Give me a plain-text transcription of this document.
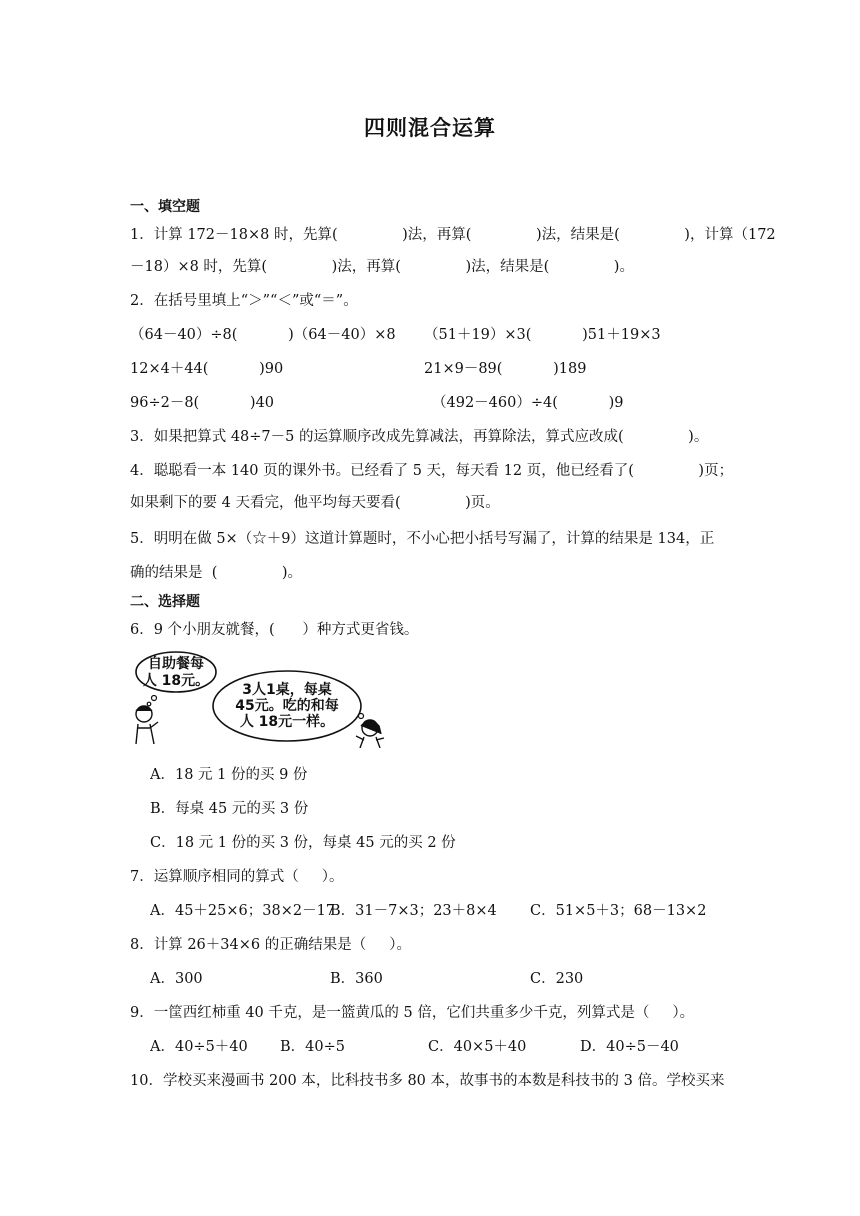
四则混合运算
一、填空题
1．计算 172－18×8 时，先算(              )法，再算(              )法，结果是(              )，计算（172
－18）×8 时，先算(              )法，再算(              )法，结果是(              )。
2．在括号里填上“＞”“＜”或“＝”。
（64－40）÷8(           )（64－40）×8 （51＋19）×3(           )51＋19×3
12×4＋44(           )90	21×9－89(           )189
96÷2－8(           )40	（492－460）÷4(           )9
3．如果把算式 48÷7－5 的运算顺序改成先算减法，再算除法，算式应改成(              )。
4．聪聪看一本 140 页的课外书。已经看了 5 天，每天看 12 页，他已经看了(              )页；
如果剩下的要 4 天看完，他平均每天要看(              )页。
5．明明在做 5×（☆＋9）这道计算题时，不小心把小括号写漏了，计算的结果是 134，正
确的结果是  (              )。
二、选择题
6．9 个小朋友就餐，(      ）种方式更省钱。
自助餐每
人 18元。
3人1桌，每桌
45元。吃的和每
人 18元一样。
A．18 元 1 份的买 9 份
B．每桌 45 元的买 3 份
C．18 元 1 份的买 3 份，每桌 45 元的买 2 份
7．运算顺序相同的算式（     ）。
A．45＋25×6；38×2－17
B．31－7×3；23＋8×4 C．51×5＋3；68－13×2
8．计算 26＋34×6 的正确结果是（     ）。
A．300	B．360	C．230
9．一筐西红柿重 40 千克，是一篮黄瓜的 5 倍，它们共重多少千克，列算式是（     ）。
A．40÷5＋40 B．40÷5	C．40×5＋40	D．40÷5－40
10．学校买来漫画书 200 本，比科技书多 80 本，故事书的本数是科技书的 3 倍。学校买来
